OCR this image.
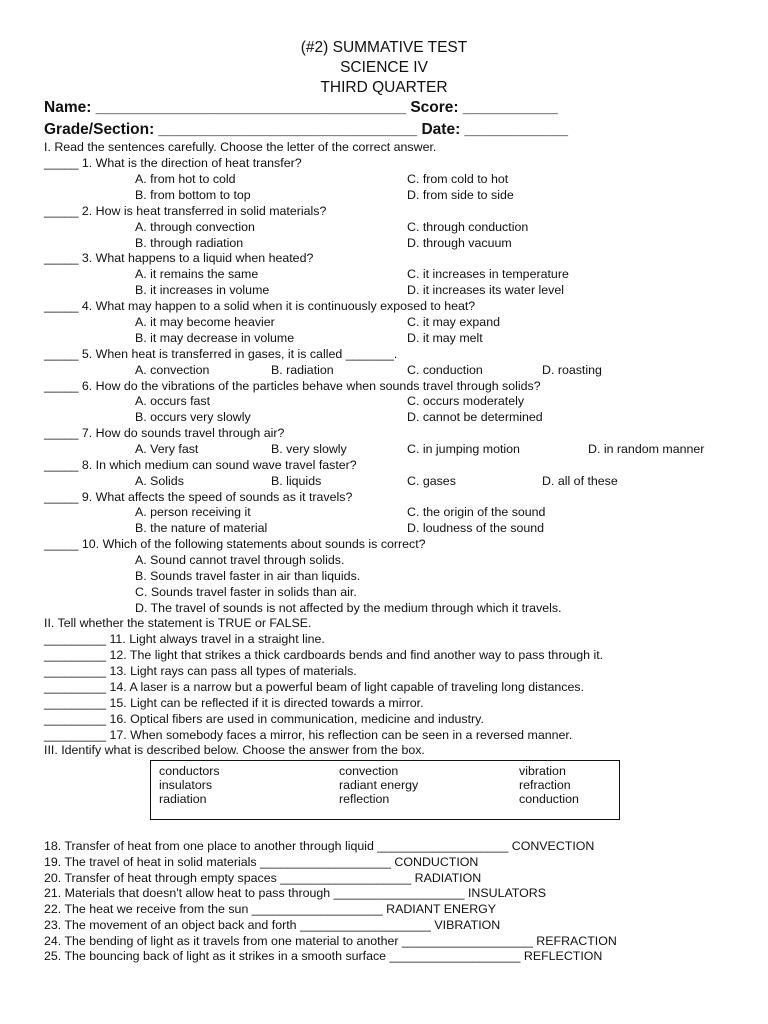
(#2) SUMMATIVE TEST
SCIENCE IV
THIRD QUARTER
Name: ____________________________________ Score: ___________
Grade/Section: ______________________________ Date: ____________
I. Read the sentences carefully. Choose the letter of the correct answer.
_____ 1. What is the direction of heat transfer?
A. from hot to cold	C. from cold to hot
B. from bottom to top	D. from side to side
_____ 2. How is heat transferred in solid materials?
A. through convection	C. through conduction
B. through radiation	D. through vacuum
_____ 3. What happens to a liquid when heated?
A. it remains the same	C. it increases in temperature
B. it increases in volume	D. it increases its water level
_____ 4. What may happen to a solid when it is continuously exposed to heat?
A. it may become heavier	C. it may expand
B. it may decrease in volume	D. it may melt
_____ 5. When heat is transferred in gases, it is called _______.
A. convection	B. radiation	C. conduction	D. roasting
_____ 6. How do the vibrations of the particles behave when sounds travel through solids?
A. occurs fast	C. occurs moderately
B. occurs very slowly	D. cannot be determined
_____ 7. How do sounds travel through air?
A. Very fast	B. very slowly	C. in jumping motion	D. in random manner
_____ 8. In which medium can sound wave travel faster?
A. Solids	B. liquids	C. gases	D. all of these
_____ 9. What affects the speed of sounds as it travels?
A. person receiving it	C. the origin of the sound
B. the nature of material	D. loudness of the sound
_____ 10. Which of the following statements about sounds is correct?
A. Sound cannot travel through solids.
B. Sounds travel faster in air than liquids.
C. Sounds travel faster in solids than air.
D. The travel of sounds is not affected by the medium through which it travels.
II. Tell whether the statement is TRUE or FALSE.
_________ 11. Light always travel in a straight line.
_________ 12. The light that strikes a thick cardboards bends and find another way to pass through it.
_________ 13. Light rays can pass all types of materials.
_________ 14. A laser is a narrow but a powerful beam of light capable of traveling long distances.
_________ 15. Light can be reflected if it is directed towards a mirror.
_________ 16. Optical fibers are used in communication, medicine and industry.
_________ 17. When somebody faces a mirror, his reflection can be seen in a reversed manner.
III. Identify what is described below. Choose the answer from the box.
conductors	convection	vibration
insulators	radiant energy	refraction
radiation	reflection	conduction
18. Transfer of heat from one place to another through liquid ___________________ CONVECTION
19. The travel of heat in solid materials ___________________ CONDUCTION
20. Transfer of heat through empty spaces ___________________ RADIATION
21. Materials that doesn't allow heat to pass through ___________________ INSULATORS
22. The heat we receive from the sun ___________________ RADIANT ENERGY
23. The movement of an object back and forth ___________________ VIBRATION
24. The bending of light as it travels from one material to another ___________________ REFRACTION
25. The bouncing back of light as it strikes in a smooth surface ___________________ REFLECTION
